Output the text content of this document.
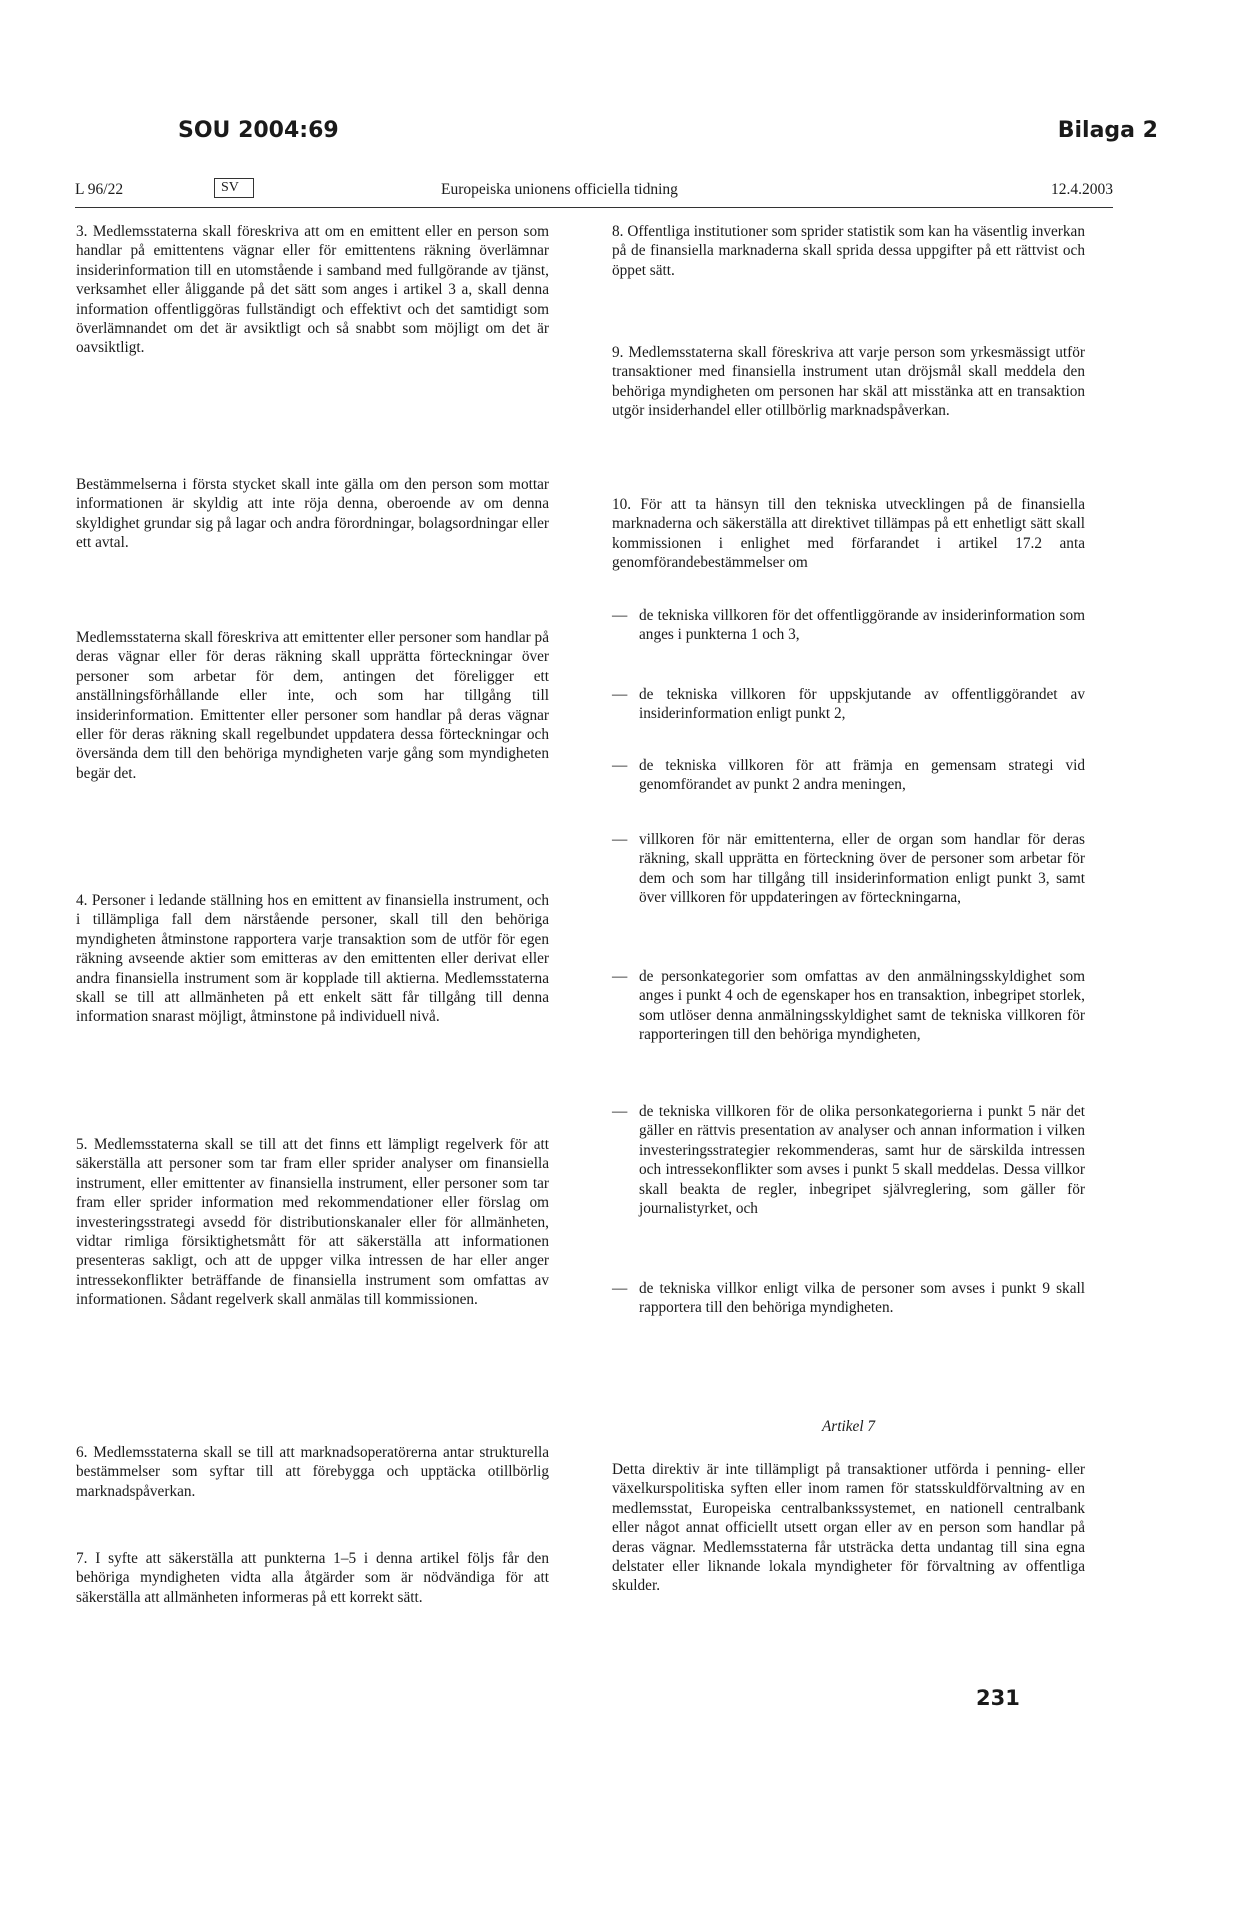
SOU 2004:69	Bilaga 2
L 96/22	SV	Europeiska unionens officiella tidning	12.4.2003

3. Medlemsstaterna skall föreskriva att om en emittent eller en person som handlar på emittentens vägnar eller för emittentens räkning överlämnar insiderinformation till en utomstående i samband med fullgörande av tjänst, verksamhet eller åliggande på det sätt som anges i artikel 3 a, skall denna information offentliggöras fullständigt och effektivt och det samtidigt som överlämnandet om det är avsiktligt och så snabbt som möjligt om det är oavsiktligt.

Bestämmelserna i första stycket skall inte gälla om den person som mottar informationen är skyldig att inte röja denna, oberoende av om denna skyldighet grundar sig på lagar och andra förordningar, bolagsordningar eller ett avtal.

Medlemsstaterna skall föreskriva att emittenter eller personer som handlar på deras vägnar eller för deras räkning skall upprätta förteckningar över personer som arbetar för dem, antingen det föreligger ett anställningsförhållande eller inte, och som har tillgång till insiderinformation. Emittenter eller personer som handlar på deras vägnar eller för deras räkning skall regelbundet uppdatera dessa förteckningar och översända dem till den behöriga myndigheten varje gång som myndigheten begär det.

4. Personer i ledande ställning hos en emittent av finansiella instrument, och i tillämpliga fall dem närstående personer, skall till den behöriga myndigheten åtminstone rapportera varje transaktion som de utför för egen räkning avseende aktier som emitteras av den emittenten eller derivat eller andra finansiella instrument som är kopplade till aktierna. Medlemsstaterna skall se till att allmänheten på ett enkelt sätt får tillgång till denna information snarast möjligt, åtminstone på individuell nivå.

5. Medlemsstaterna skall se till att det finns ett lämpligt regelverk för att säkerställa att personer som tar fram eller sprider analyser om finansiella instrument, eller emittenter av finansiella instrument, eller personer som tar fram eller sprider information med rekommendationer eller förslag om investeringsstrategi avsedd för distributionskanaler eller för allmänheten, vidtar rimliga försiktighetsmått för att säkerställa att informationen presenteras sakligt, och att de uppger vilka intressen de har eller anger intressekonflikter beträffande de finansiella instrument som omfattas av informationen. Sådant regelverk skall anmälas till kommissionen.

6. Medlemsstaterna skall se till att marknadsoperatörerna antar strukturella bestämmelser som syftar till att förebygga och upptäcka otillbörlig marknadspåverkan.

7. I syfte att säkerställa att punkterna 1–5 i denna artikel följs får den behöriga myndigheten vidta alla åtgärder som är nödvändiga för att säkerställa att allmänheten informeras på ett korrekt sätt.

8. Offentliga institutioner som sprider statistik som kan ha väsentlig inverkan på de finansiella marknaderna skall sprida dessa uppgifter på ett rättvist och öppet sätt.

9. Medlemsstaterna skall föreskriva att varje person som yrkesmässigt utför transaktioner med finansiella instrument utan dröjsmål skall meddela den behöriga myndigheten om personen har skäl att misstänka att en transaktion utgör insiderhandel eller otillbörlig marknadspåverkan.

10. För att ta hänsyn till den tekniska utvecklingen på de finansiella marknaderna och säkerställa att direktivet tillämpas på ett enhetligt sätt skall kommissionen i enlighet med förfarandet i artikel 17.2 anta genomförandebestämmelser om

— de tekniska villkoren för det offentliggörande av insiderinformation som anges i punkterna 1 och 3,

— de tekniska villkoren för uppskjutande av offentliggörandet av insiderinformation enligt punkt 2,

— de tekniska villkoren för att främja en gemensam strategi vid genomförandet av punkt 2 andra meningen,

— villkoren för när emittenterna, eller de organ som handlar för deras räkning, skall upprätta en förteckning över de personer som arbetar för dem och som har tillgång till insiderinformation enligt punkt 3, samt över villkoren för uppdateringen av förteckningarna,

— de personkategorier som omfattas av den anmälningsskyldighet som anges i punkt 4 och de egenskaper hos en transaktion, inbegripet storlek, som utlöser denna anmälningsskyldighet samt de tekniska villkoren för rapporteringen till den behöriga myndigheten,

— de tekniska villkoren för de olika personkategorierna i punkt 5 när det gäller en rättvis presentation av analyser och annan information i vilken investeringsstrategier rekommenderas, samt hur de särskilda intressen och intressekonflikter som avses i punkt 5 skall meddelas. Dessa villkor skall beakta de regler, inbegripet självreglering, som gäller för journalistyrket, och

— de tekniska villkor enligt vilka de personer som avses i punkt 9 skall rapportera till den behöriga myndigheten.

Artikel 7

Detta direktiv är inte tillämpligt på transaktioner utförda i penning- eller växelkurspolitiska syften eller inom ramen för statsskuldförvaltning av en medlemsstat, Europeiska centralbankssystemet, en nationell centralbank eller något annat officiellt utsett organ eller av en person som handlar på deras vägnar. Medlemsstaterna får utsträcka detta undantag till sina egna delstater eller liknande lokala myndigheter för förvaltning av offentliga skulder.

231
